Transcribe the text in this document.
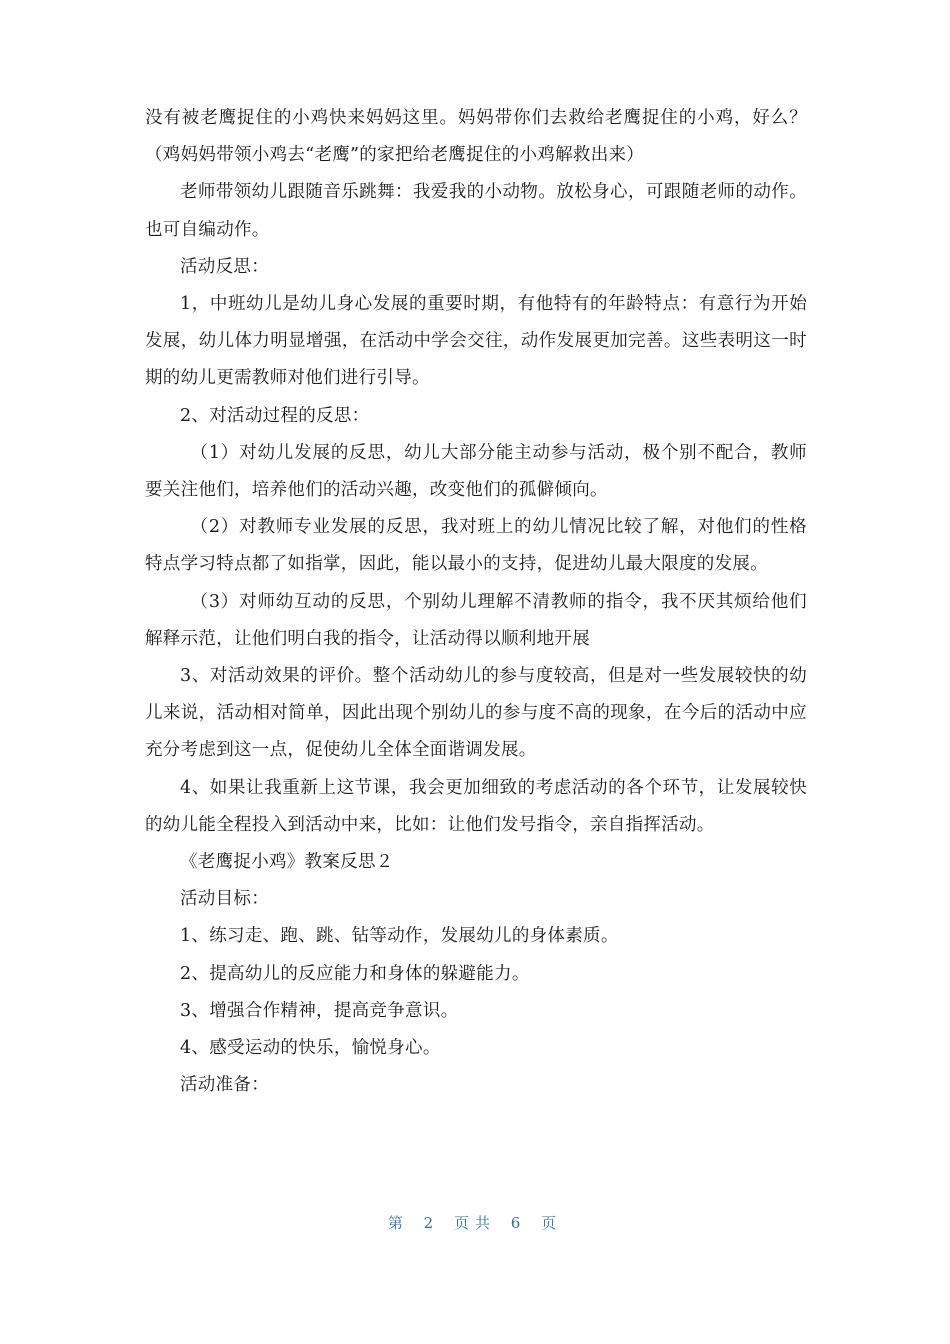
没有被老鹰捉住的小鸡快来妈妈这里。妈妈带你们去救给老鹰捉住的小鸡，好么？（鸡妈妈带领小鸡去“老鹰”的家把给老鹰捉住的小鸡解救出来）

老师带领幼儿跟随音乐跳舞：我爱我的小动物。放松身心，可跟随老师的动作。也可自编动作。

活动反思：

1，中班幼儿是幼儿身心发展的重要时期，有他特有的年龄特点：有意行为开始发展，幼儿体力明显增强，在活动中学会交往，动作发展更加完善。这些表明这一时期的幼儿更需教师对他们进行引导。

2、对活动过程的反思：

（1）对幼儿发展的反思，幼儿大部分能主动参与活动，极个别不配合，教师要关注他们，培养他们的活动兴趣，改变他们的孤僻倾向。

（2）对教师专业发展的反思，我对班上的幼儿情况比较了解，对他们的性格特点学习特点都了如指掌，因此，能以最小的支持，促进幼儿最大限度的发展。

（3）对师幼互动的反思，个别幼儿理解不清教师的指令，我不厌其烦给他们解释示范，让他们明白我的指令，让活动得以顺利地开展

3、对活动效果的评价。整个活动幼儿的参与度较高，但是对一些发展较快的幼儿来说，活动相对简单，因此出现个别幼儿的参与度不高的现象，在今后的活动中应充分考虑到这一点，促使幼儿全体全面谐调发展。

4、如果让我重新上这节课，我会更加细致的考虑活动的各个环节，让发展较快的幼儿能全程投入到活动中来，比如：让他们发号指令，亲自指挥活动。

《老鹰捉小鸡》教案反思２

活动目标：

1、练习走、跑、跳、钻等动作，发展幼儿的身体素质。

2、提高幼儿的反应能力和身体的躲避能力。

3、增强合作精神，提高竞争意识。

4、感受运动的快乐，愉悦身心。

活动准备：

第 2 页共 6 页
